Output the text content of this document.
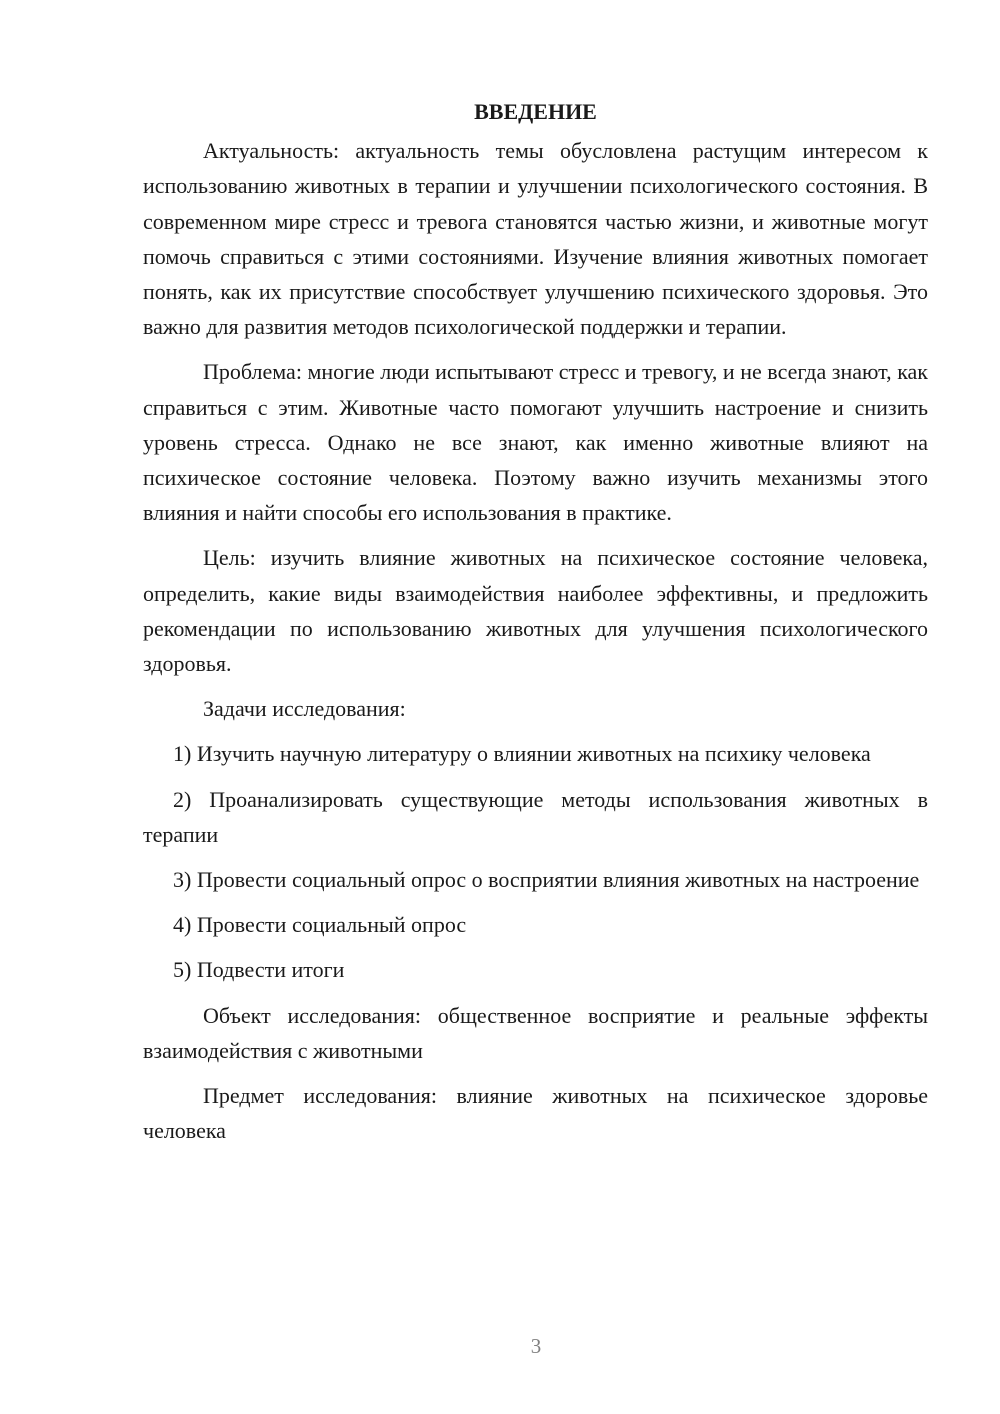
ВВЕДЕНИЕ

Актуальность: актуальность темы обусловлена растущим интересом к использованию животных в терапии и улучшении психологического состояния. В современном мире стресс и тревога становятся частью жизни, и животные могут помочь справиться с этими состояниями. Изучение влияния животных помогает понять, как их присутствие способствует улучшению психического здоровья. Это важно для развития методов психологической поддержки и терапии.

Проблема: многие люди испытывают стресс и тревогу, и не всегда знают, как справиться с этим. Животные часто помогают улучшить настроение и снизить уровень стресса. Однако не все знают, как именно животные влияют на психическое состояние человека. Поэтому важно изучить механизмы этого влияния и найти способы его использования в практике.

Цель: изучить влияние животных на психическое состояние человека, определить, какие виды взаимодействия наиболее эффективны, и предложить рекомендации по использованию животных для улучшения психологического здоровья.

Задачи исследования:

1) Изучить научную литературу о влиянии животных на психику человека

2) Проанализировать существующие методы использования животных в терапии

3) Провести социальный опрос о восприятии влияния животных на настроение

4) Провести социальный опрос

5) Подвести итоги

Объект исследования: общественное восприятие и реальные эффекты взаимодействия с животными

Предмет исследования: влияние животных на психическое здоровье человека

3
